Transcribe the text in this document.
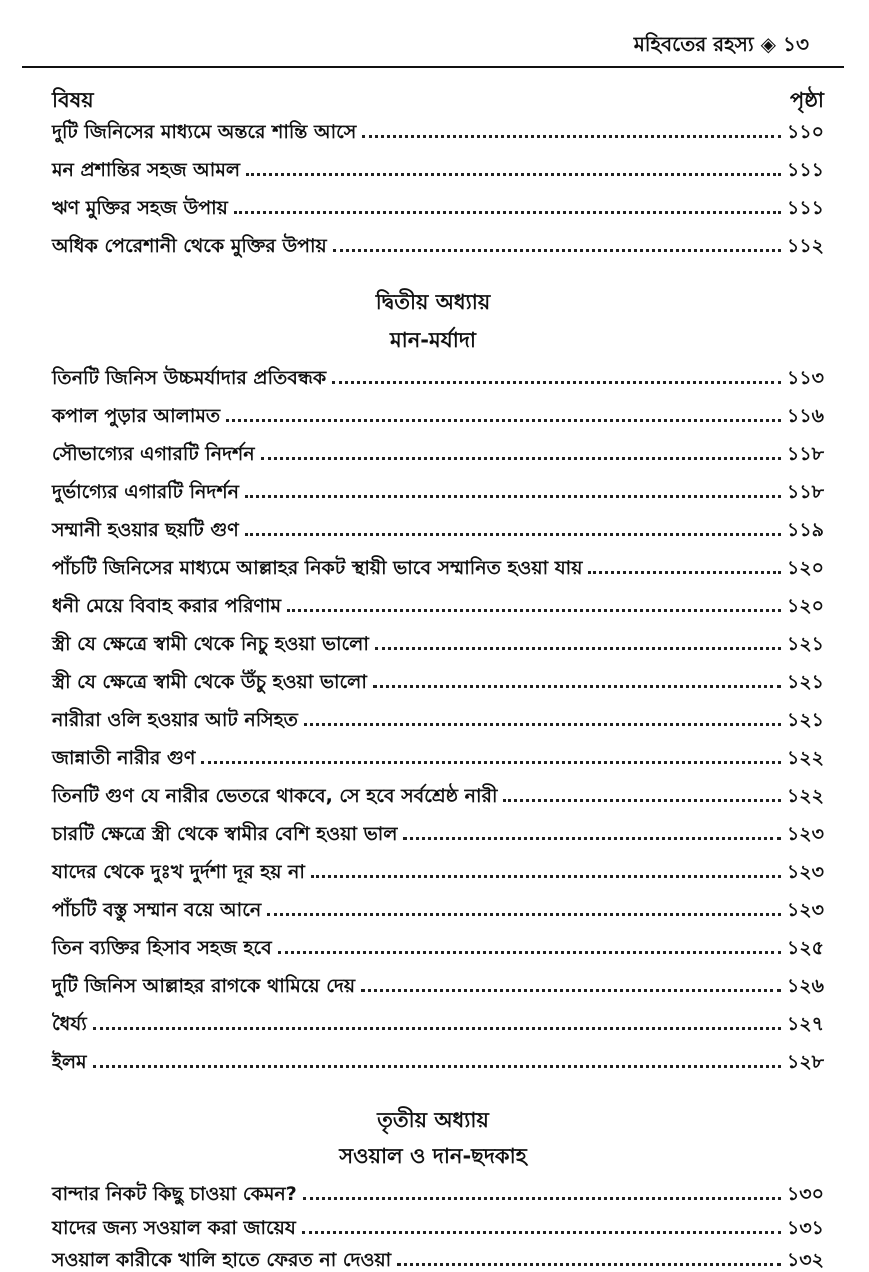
মহিবতের রহস্য ◈ ১৩
বিষয়	পৃষ্ঠা
দুটি জিনিসের মাধ্যমে অন্তরে শান্তি আসে	১১০
মন প্রশান্তির সহজ আমল	১১১
ঋণ মুক্তির সহজ উপায়	১১১
অধিক পেরেশানী থেকে মুক্তির উপায়	১১২
দ্বিতীয় অধ্যায়
মান-মর্যাদা
তিনটি জিনিস উচ্চমর্যাদার প্রতিবন্ধক	১১৩
কপাল পুড়ার আলামত	১১৬
সৌভাগ্যের এগারটি নিদর্শন	১১৮
দুর্ভাগ্যের এগারটি নিদর্শন	১১৮
সম্মানী হওয়ার ছয়টি গুণ	১১৯
পাঁচটি জিনিসের মাধ্যমে আল্লাহর নিকট স্থায়ী ভাবে সম্মানিত হওয়া যায়	১২০
ধনী মেয়ে বিবাহ করার পরিণাম	১২০
স্ত্রী যে ক্ষেত্রে স্বামী থেকে নিচু হওয়া ভালো	১২১
স্ত্রী যে ক্ষেত্রে স্বামী থেকে উঁচু হওয়া ভালো	১২১
নারীরা ওলি হওয়ার আট নসিহত	১২১
জান্নাতী নারীর গুণ	১২২
তিনটি গুণ যে নারীর ভেতরে থাকবে, সে হবে সর্বশ্রেষ্ঠ নারী	১২২
চারটি ক্ষেত্রে স্ত্রী থেকে স্বামীর বেশি হওয়া ভাল	১২৩
যাদের থেকে দুঃখ দুর্দশা দূর হয় না	১২৩
পাঁচটি বস্তু সম্মান বয়ে আনে	১২৩
তিন ব্যক্তির হিসাব সহজ হবে	১২৫
দুটি জিনিস আল্লাহর রাগকে থামিয়ে দেয়	১২৬
ধৈর্য্য	১২৭
ইলম	১২৮
তৃতীয় অধ্যায়
সওয়াল ও দান-ছদকাহ
বান্দার নিকট কিছু চাওয়া কেমন?	১৩০
যাদের জন্য সওয়াল করা জায়েয	১৩১
সওয়াল কারীকে খালি হাতে ফেরত না দেওয়া	১৩২
